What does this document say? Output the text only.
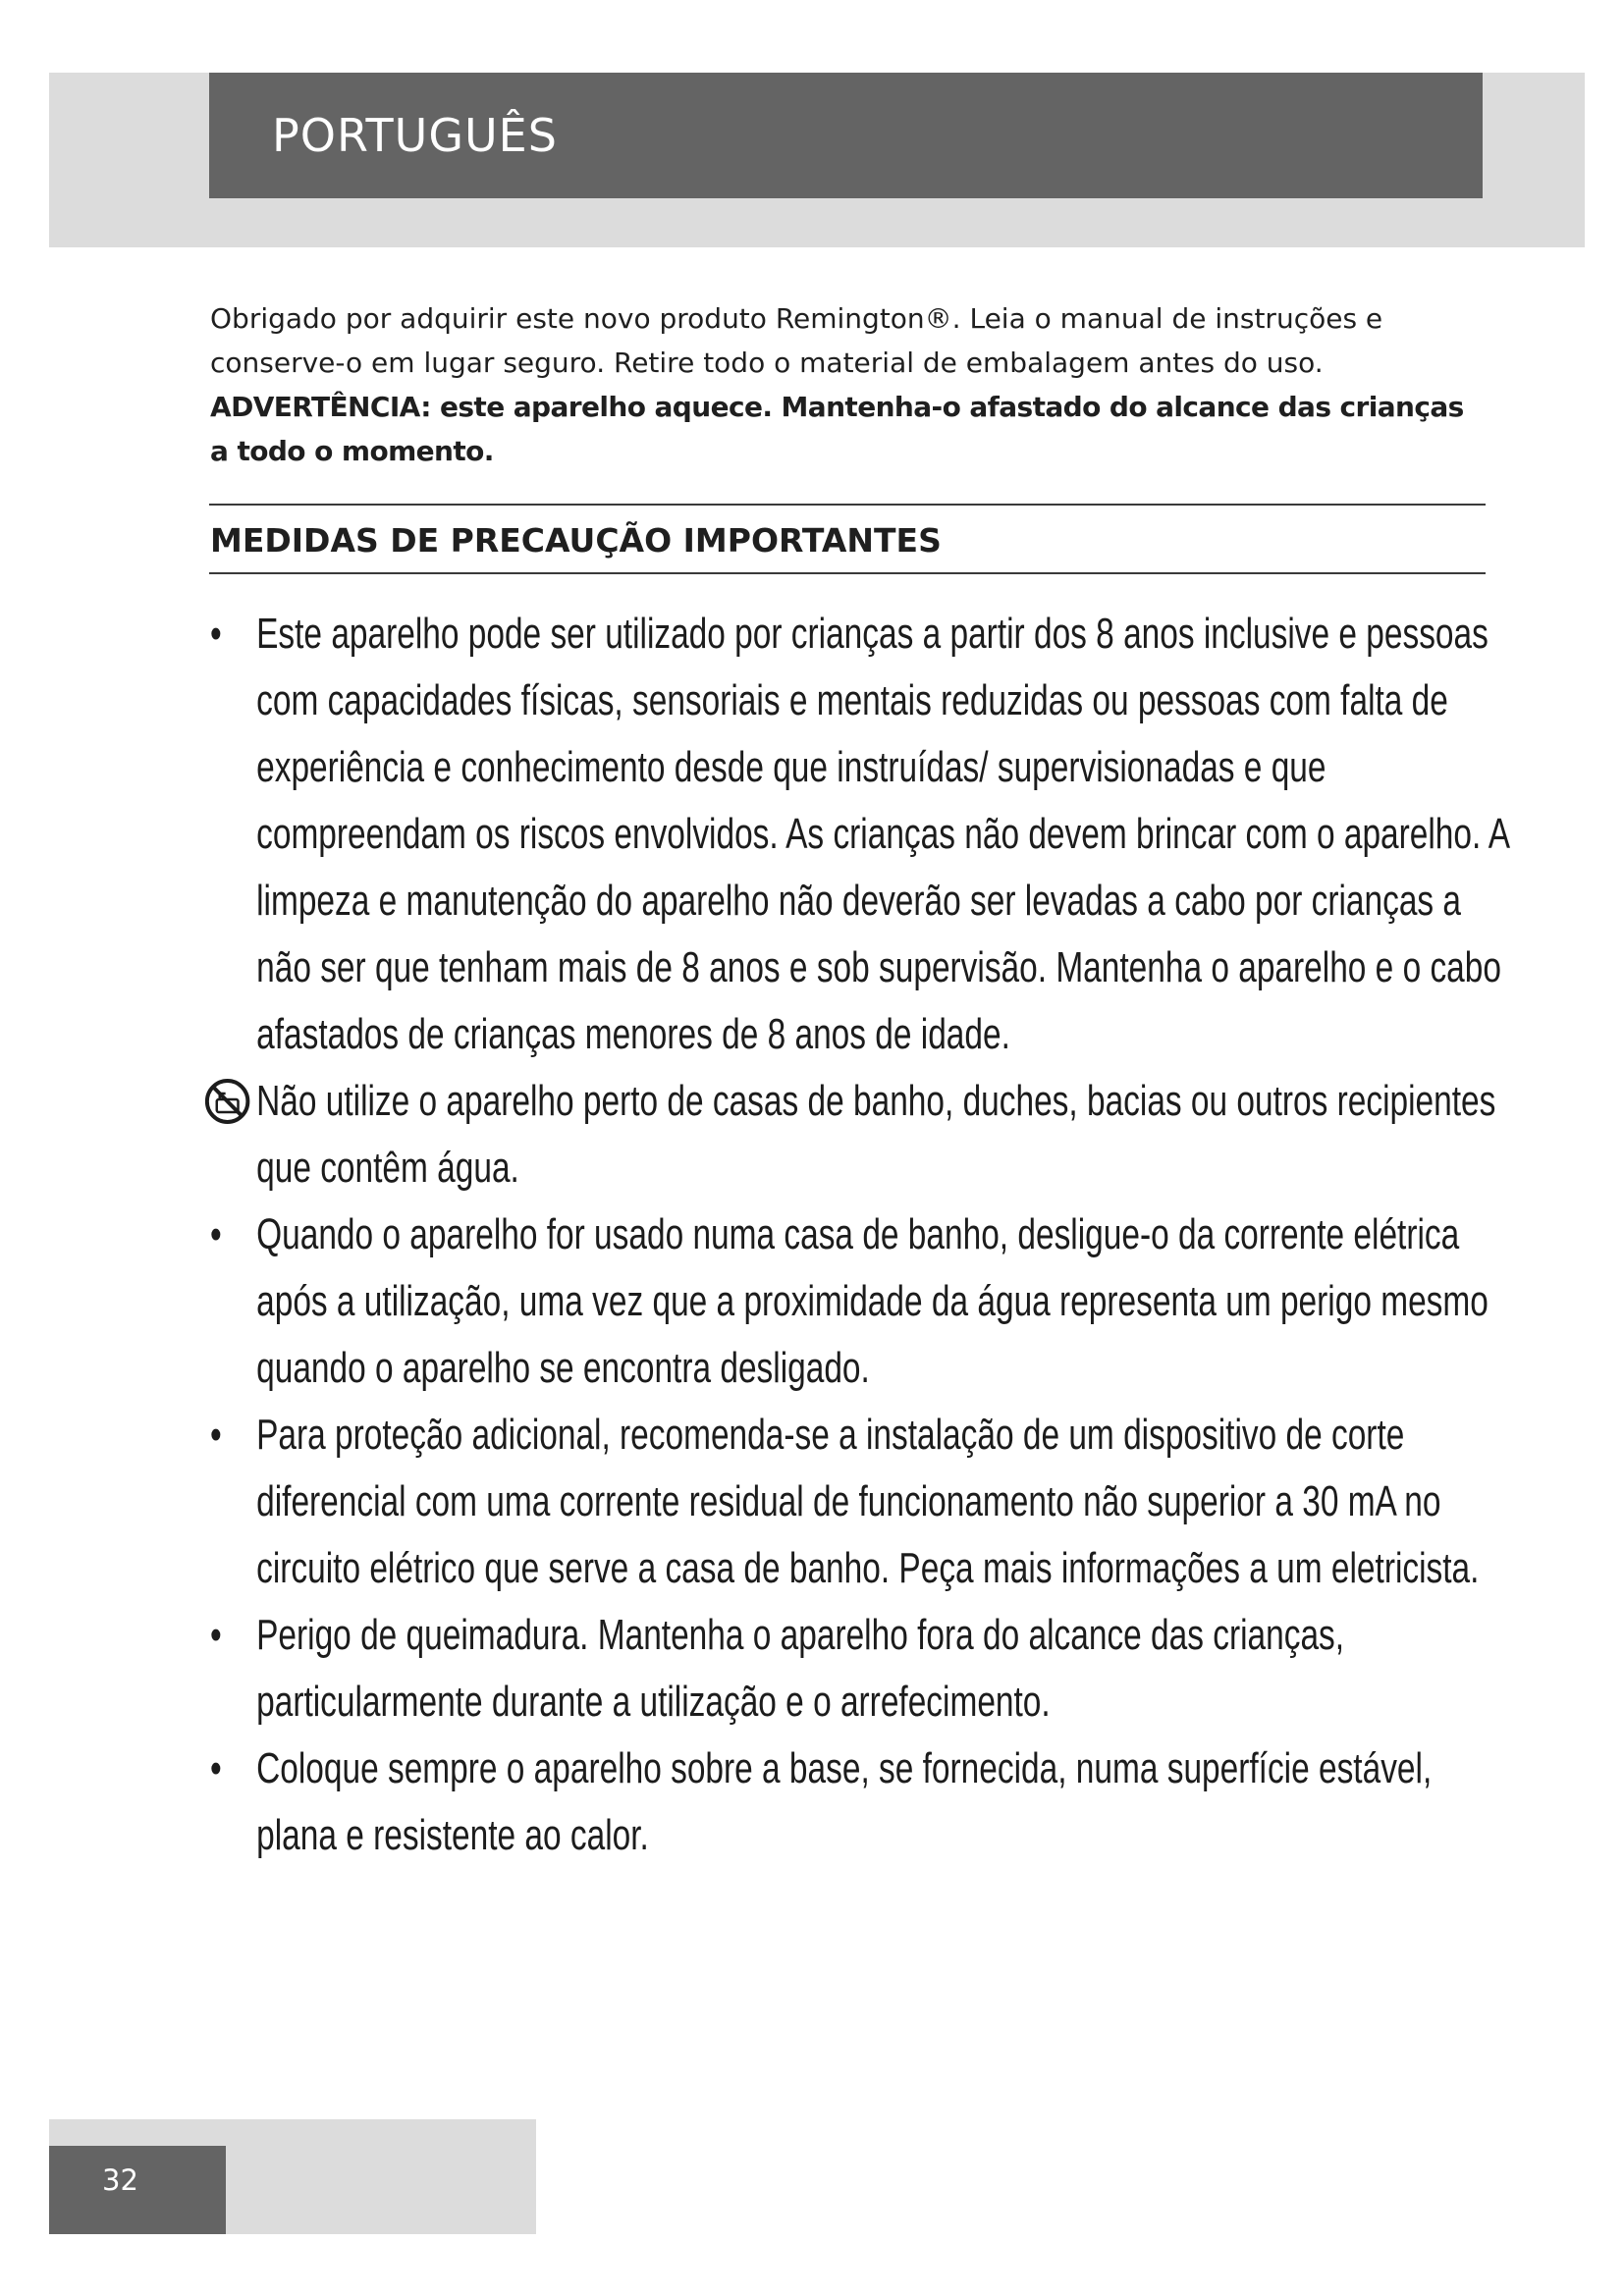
PORTUGUÊS

Obrigado por adquirir este novo produto Remington®. Leia o manual de instruções e conserve-o em lugar seguro. Retire todo o material de embalagem antes do uso.
ADVERTÊNCIA: este aparelho aquece. Mantenha-o afastado do alcance das crianças a todo o momento.

MEDIDAS DE PRECAUÇÃO IMPORTANTES
• Este aparelho pode ser utilizado por crianças a partir dos 8 anos inclusive e pessoas com capacidades físicas, sensoriais e mentais reduzidas ou pessoas com falta de experiência e conhecimento desde que instruídas/ supervisionadas e que compreendam os riscos envolvidos. As crianças não devem brincar com o aparelho. A limpeza e manutenção do aparelho não deverão ser levadas a cabo por crianças a não ser que tenham mais de 8 anos e sob supervisão. Mantenha o aparelho e o cabo afastados de crianças menores de 8 anos de idade.
Não utilize o aparelho perto de casas de banho, duches, bacias ou outros recipientes que contêm água.
• Quando o aparelho for usado numa casa de banho, desligue-o da corrente elétrica após a utilização, uma vez que a proximidade da água representa um perigo mesmo quando o aparelho se encontra desligado.
• Para proteção adicional, recomenda-se a instalação de um dispositivo de corte diferencial com uma corrente residual de funcionamento não superior a 30 mA no circuito elétrico que serve a casa de banho. Peça mais informações a um eletricista.
• Perigo de queimadura. Mantenha o aparelho fora do alcance das crianças, particularmente durante a utilização e o arrefecimento.
• Coloque sempre o aparelho sobre a base, se fornecida, numa superfície estável, plana e resistente ao calor.
32
